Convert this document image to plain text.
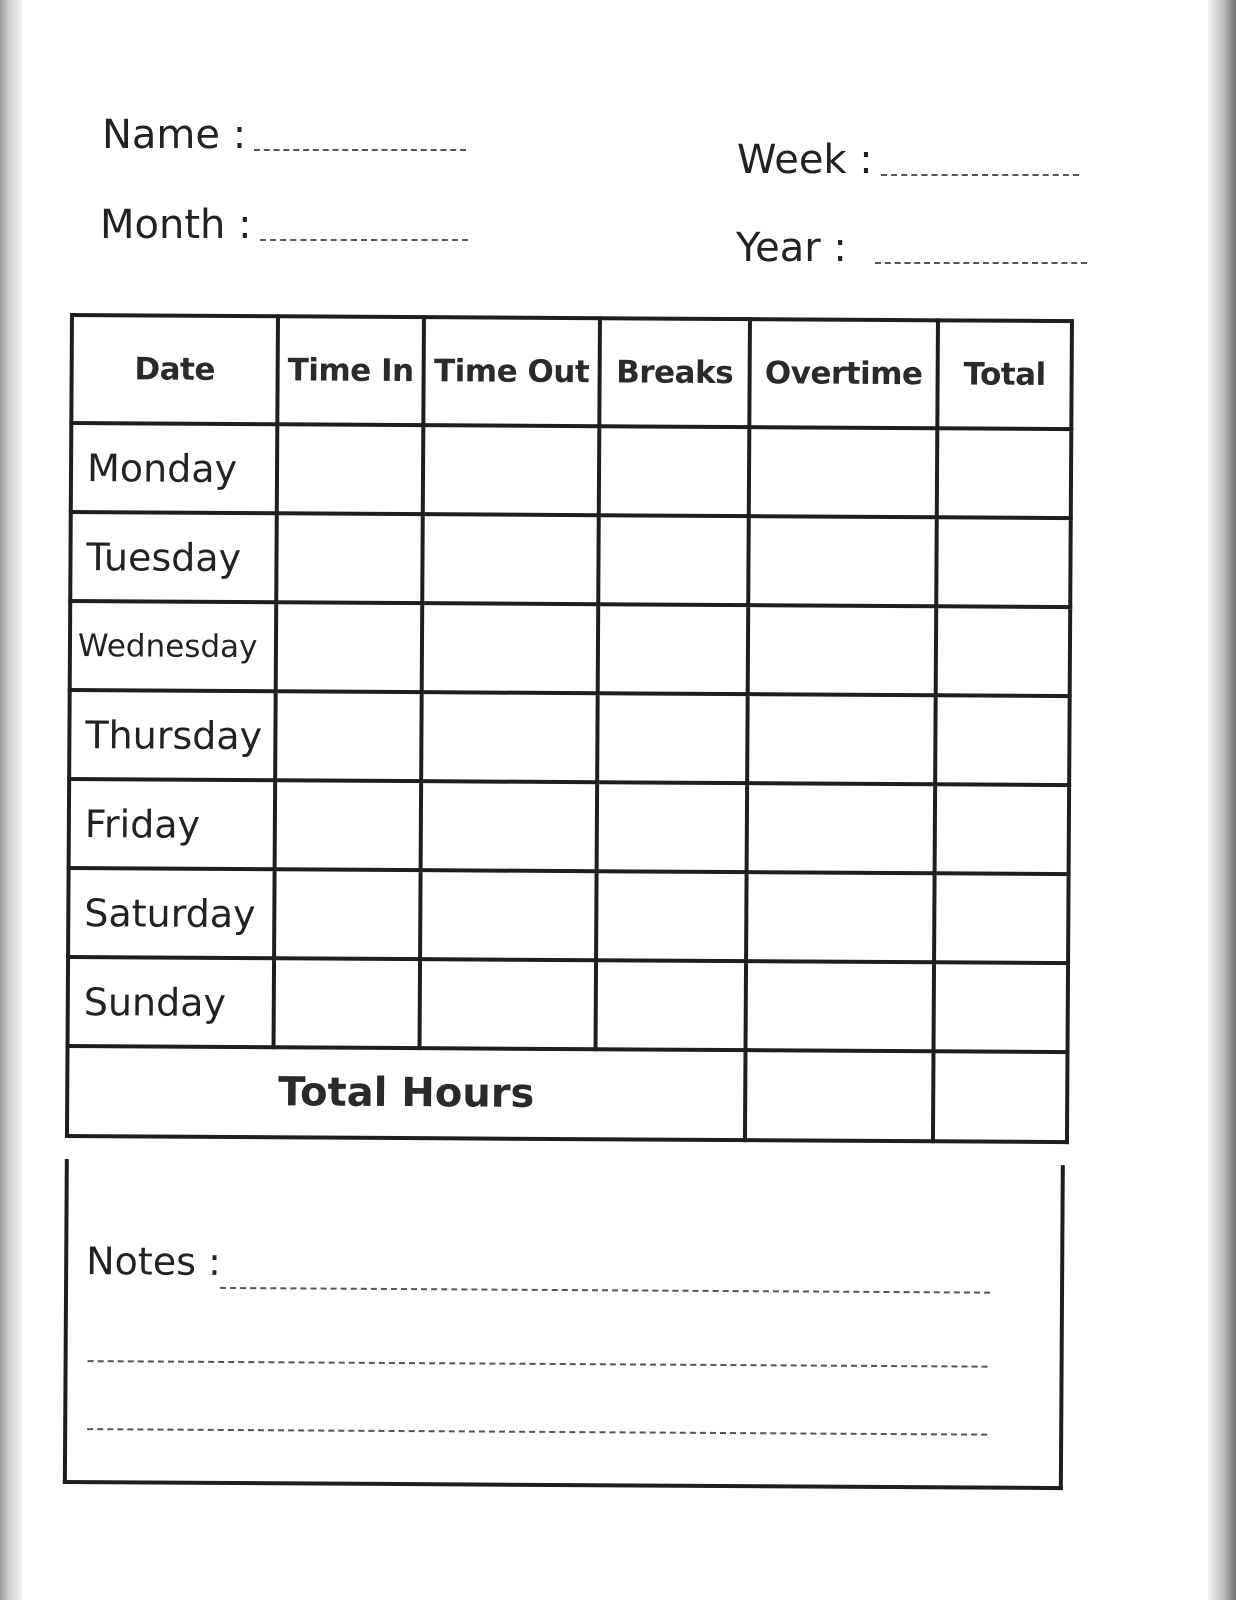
Name :
Month :
Week :
Year :
Date	Time In	Time Out	Breaks	Overtime	Total
Monday					
Tuesday					
Wednesday					
Thursday					
Friday					
Saturday					
Sunday					
Total Hours					
Notes :
